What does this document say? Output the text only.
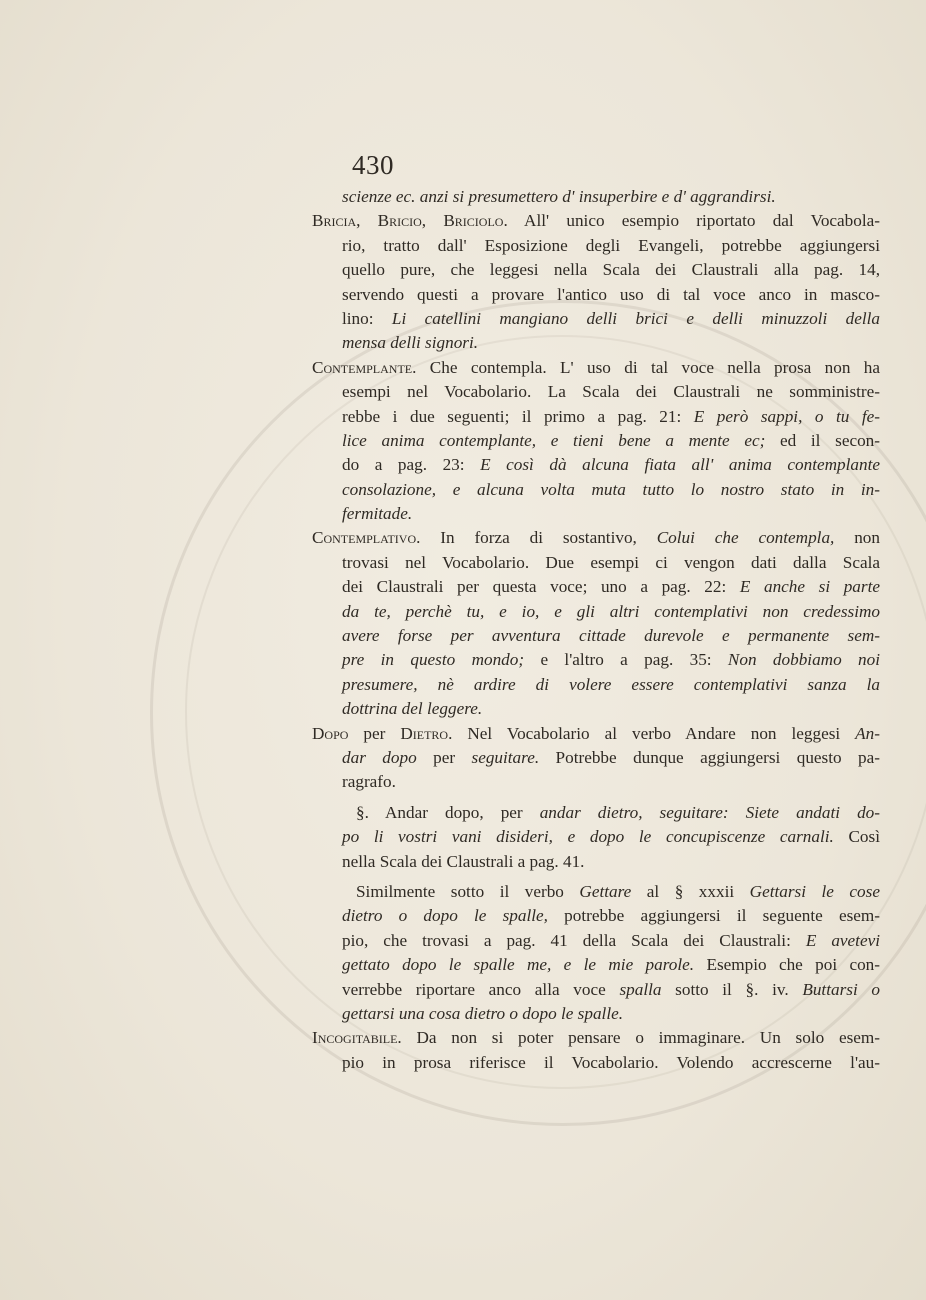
430
scienze ec. anzi si presumettero d' insuperbire e d' aggrandirsi.
Bricia, Bricio, Briciolo. All' unico esempio riportato dal Vocabola-
rio, tratto dall' Esposizione degli Evangeli, potrebbe aggiungersi
quello pure, che leggesi nella Scala dei Claustrali alla pag. 14,
servendo questi a provare l'antico uso di tal voce anco in masco-
lino: Li catellini mangiano delli brici e delli minuzzoli della
mensa delli signori.
Contemplante. Che contempla. L' uso di tal voce nella prosa non ha
esempi nel Vocabolario. La Scala dei Claustrali ne somministre-
rebbe i due seguenti; il primo a pag. 21: E però sappi, o tu fe-
lice anima contemplante, e tieni bene a mente ec; ed il secon-
do a pag. 23: E così dà alcuna fiata all' anima contemplante
consolazione, e alcuna volta muta tutto lo nostro stato in in-
fermitade.
Contemplativo. In forza di sostantivo, Colui che contempla, non
trovasi nel Vocabolario. Due esempi ci vengon dati dalla Scala
dei Claustrali per questa voce; uno a pag. 22: E anche si parte
da te, perchè tu, e io, e gli altri contemplativi non credessimo
avere forse per avventura cittade durevole e permanente sem-
pre in questo mondo; e l'altro a pag. 35: Non dobbiamo noi
presumere, nè ardire di volere essere contemplativi sanza la
dottrina del leggere.
Dopo per Dietro. Nel Vocabolario al verbo Andare non leggesi An-
dar dopo per seguitare. Potrebbe dunque aggiungersi questo pa-
ragrafo.
§. Andar dopo, per andar dietro, seguitare: Siete andati do-
po li vostri vani disideri, e dopo le concupiscenze carnali. Così
nella Scala dei Claustrali a pag. 41.
Similmente sotto il verbo Gettare al § xxxii Gettarsi le cose
dietro o dopo le spalle, potrebbe aggiungersi il seguente esem-
pio, che trovasi a pag. 41 della Scala dei Claustrali: E avetevi
gettato dopo le spalle me, e le mie parole. Esempio che poi con-
verrebbe riportare anco alla voce spalla sotto il §. iv. Buttarsi o
gettarsi una cosa dietro o dopo le spalle.
Incogitabile. Da non si poter pensare o immaginare. Un solo esem-
pio in prosa riferisce il Vocabolario. Volendo accrescerne l'au-
